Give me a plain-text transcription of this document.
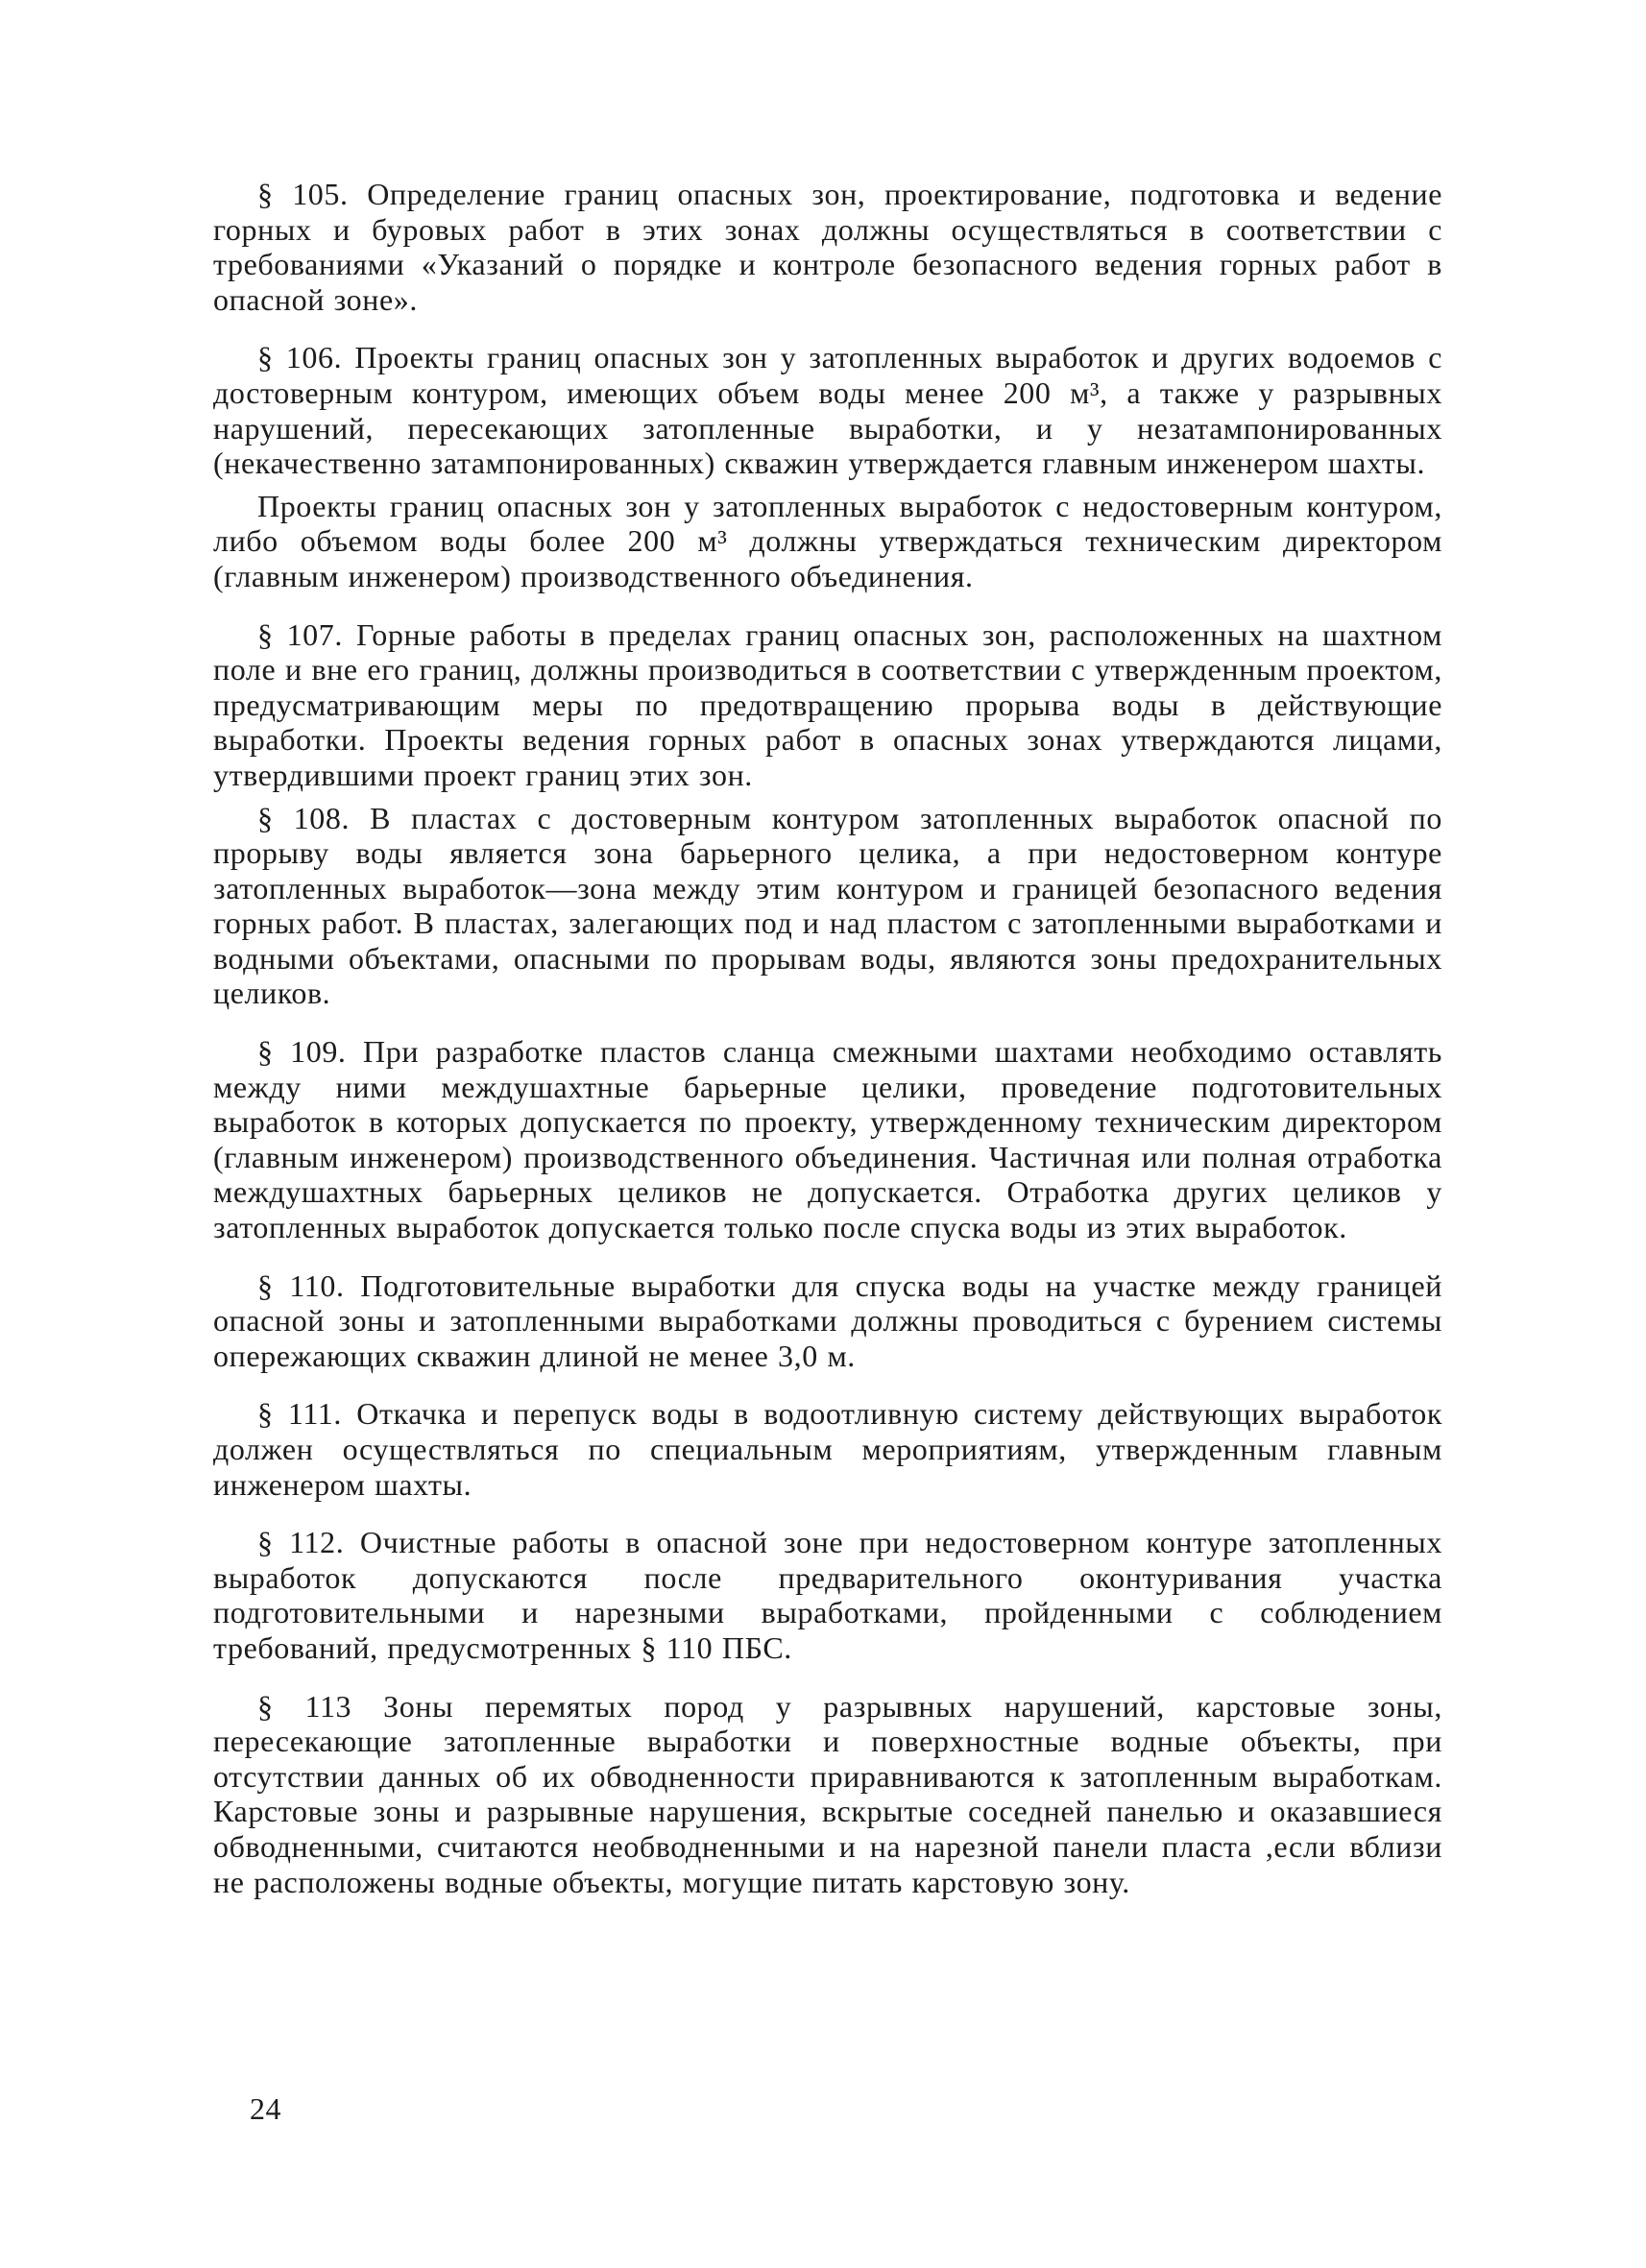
§ 105. Определение границ опасных зон, проектирование, подготовка и ведение горных и буровых работ в этих зонах должны осуществляться в соответствии с требованиями «Указаний о порядке и контроле безопасного ведения горных работ в опасной зоне».

§ 106. Проекты границ опасных зон у затопленных выработок и других водоемов с достоверным контуром, имеющих объем воды менее 200 м³, а также у разрывных нарушений, пересекающих затопленные выработки, и у незатампонированных (некачественно затампонированных) скважин утверждается главным инженером шахты.

Проекты границ опасных зон у затопленных выработок с недостоверным контуром, либо объемом воды более 200 м³ должны утверждаться техническим директором (главным инженером) производственного объединения.

§ 107. Горные работы в пределах границ опасных зон, расположенных на шахтном поле и вне его границ, должны производиться в соответствии с утвержденным проектом, предусматривающим меры по предотвращению прорыва воды в действующие выработки. Проекты ведения горных работ в опасных зонах утверждаются лицами, утвердившими проект границ этих зон.

§ 108. В пластах с достоверным контуром затопленных выработок опасной по прорыву воды является зона барьерного целика, а при недостоверном контуре затопленных выработок—зона между этим контуром и границей безопасного ведения горных работ. В пластах, залегающих под и над пластом с затопленными выработками и водными объектами, опасными по прорывам воды, являются зоны предохранительных целиков.

§ 109. При разработке пластов сланца смежными шахтами необходимо оставлять между ними междушахтные барьерные целики, проведение подготовительных выработок в которых допускается по проекту, утвержденному техническим директором (главным инженером) производственного объединения. Частичная или полная отработка междушахтных барьерных целиков не допускается. Отработка других целиков у затопленных выработок допускается только после спуска воды из этих выработок.

§ 110. Подготовительные выработки для спуска воды на участке между границей опасной зоны и затопленными выработками должны проводиться с бурением системы опережающих скважин длиной не менее 3,0 м.

§ 111. Откачка и перепуск воды в водоотливную систему действующих выработок должен осуществляться по специальным мероприятиям, утвержденным главным инженером шахты.

§ 112. Очистные работы в опасной зоне при недостоверном контуре затопленных выработок допускаются после предварительного оконтуривания участка подготовительными и нарезными выработками, пройденными с соблюдением требований, предусмотренных § 110 ПБС.

§ 113 Зоны перемятых пород у разрывных нарушений, карстовые зоны, пересекающие затопленные выработки и поверхностные водные объекты, при отсутствии данных об их обводненности приравниваются к затопленным выработкам. Карстовые зоны и разрывные нарушения, вскрытые соседней панелью и оказавшиеся обводненными, считаются необводненными и на нарезной панели пласта ,если вблизи не расположены водные объекты, могущие питать карстовую зону.

24
